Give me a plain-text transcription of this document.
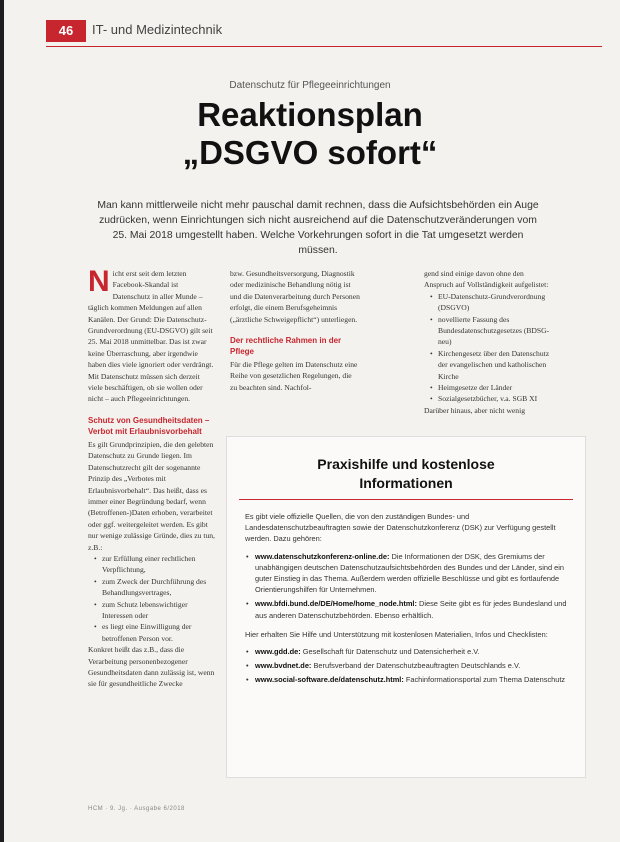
46	IT- und Medizintechnik
Datenschutz für Pflegeeinrichtungen
Reaktionsplan
„DSGVO sofort“
Man kann mittlerweile nicht mehr pauschal damit rechnen, dass die Aufsichtsbehörden ein Auge zudrücken, wenn Einrichtungen sich nicht ausreichend auf die Datenschutzveränderungen vom 25. Mai 2018 umgestellt haben. Welche Vorkehrungen sofort in die Tat umgesetzt werden müssen.

Nicht erst seit dem letzten Facebook-Skandal ist Datenschutz in aller Munde – täglich kommen Meldungen auf allen Kanälen. Der Grund: Die Datenschutz-Grundverordnung (EU-DSGVO) gilt seit 25. Mai 2018 unmittelbar. Das ist zwar keine Überraschung, aber irgendwie haben dies viele ignoriert oder verdrängt. Mit Datenschutz müssen sich derzeit viele beschäftigen, ob sie wollen oder nicht – auch Pflegeeinrichtungen.

Schutz von Gesundheitsdaten – Verbot mit Erlaubnisvorbehalt

Es gilt Grundprinzipien, die den gelebten Datenschutz zu Grunde liegen. Im Datenschutzrecht gilt der sogenannte Prinzip des „Verbotes mit Erlaubnisvorbehalt“. Das heißt, dass es immer einer Begründung bedarf, wenn (Betroffenen-)Daten erhoben, verarbeitet oder ggf. weitergeleitet werden. Es gibt nur wenige zulässige Gründe, dies zu tun, z.B.:

• zur Erfüllung einer rechtlichen Verpflichtung,
• zum Zweck der Durchführung des Behandlungsvertrages,
• zum Schutz lebenswichtiger Interessen oder
• es liegt eine Einwilligung der betroffenen Person vor.

Konkret heißt das z.B., dass die Verarbeitung personenbezogener Gesundheitsdaten dann zulässig ist, wenn sie für gesundheitliche Zwecke

bzw. Gesundheitsversorgung, Diagnostik oder medizinische Behandlung nötig ist und die Datenverarbeitung durch Personen erfolgt, die einem Berufsgeheimnis („ärztliche Schweigepflicht“) unterliegen.

Der rechtliche Rahmen in der Pflege

Für die Pflege gelten im Datenschutz eine Reihe von gesetzlichen Regelungen, die zu beachten sind. Nachfol-

gend sind einige davon ohne den Anspruch auf Vollständigkeit aufgelistet:

• EU-Datenschutz-Grundverordnung (DSGVO)
• novellierte Fassung des Bundesdatenschutzgesetzes (BDSG-neu)
• Kirchengesetz über den Datenschutz der evangelischen und katholischen Kirche
• Heimgesetze der Länder
• Sozialgesetzbücher, v.a. SGB XI

Darüber hinaus, aber nicht wenig

Praxishilfe und kostenlose
Informationen

Es gibt viele offizielle Quellen, die von den zuständigen Bundes- und Landesdatenschutzbeauftragten sowie der Datenschutzkonferenz (DSK) zur Verfügung gestellt werden. Dazu gehören:

• www.datenschutzkonferenz-online.de: Die Informationen der DSK, des Gremiums der unabhängigen deutschen Datenschutzaufsichtsbehörden des Bundes und der Länder, sind ein guter Einstieg in das Thema. Außerdem werden offizielle Beschlüsse und gibt es fortlaufende Orientierungshilfen für Unternehmen.
• www.bfdi.bund.de/DE/Home/home_node.html: Diese Seite gibt es für jedes Bundesland und aus anderen Datenschutzbehörden. Ebenso erhältlich.

Hier erhalten Sie Hilfe und Unterstützung mit kostenlosen Materialien, Infos und Checklisten:

• www.gdd.de: Gesellschaft für Datenschutz und Datensicherheit e.V.
• www.bvdnet.de: Berufsverband der Datenschutzbeauftragten Deutschlands e.V.
• www.social-software.de/datenschutz.html: Fachinformationsportal zum Thema Datenschutz
HCM · 9. Jg. · Ausgabe 6/2018
